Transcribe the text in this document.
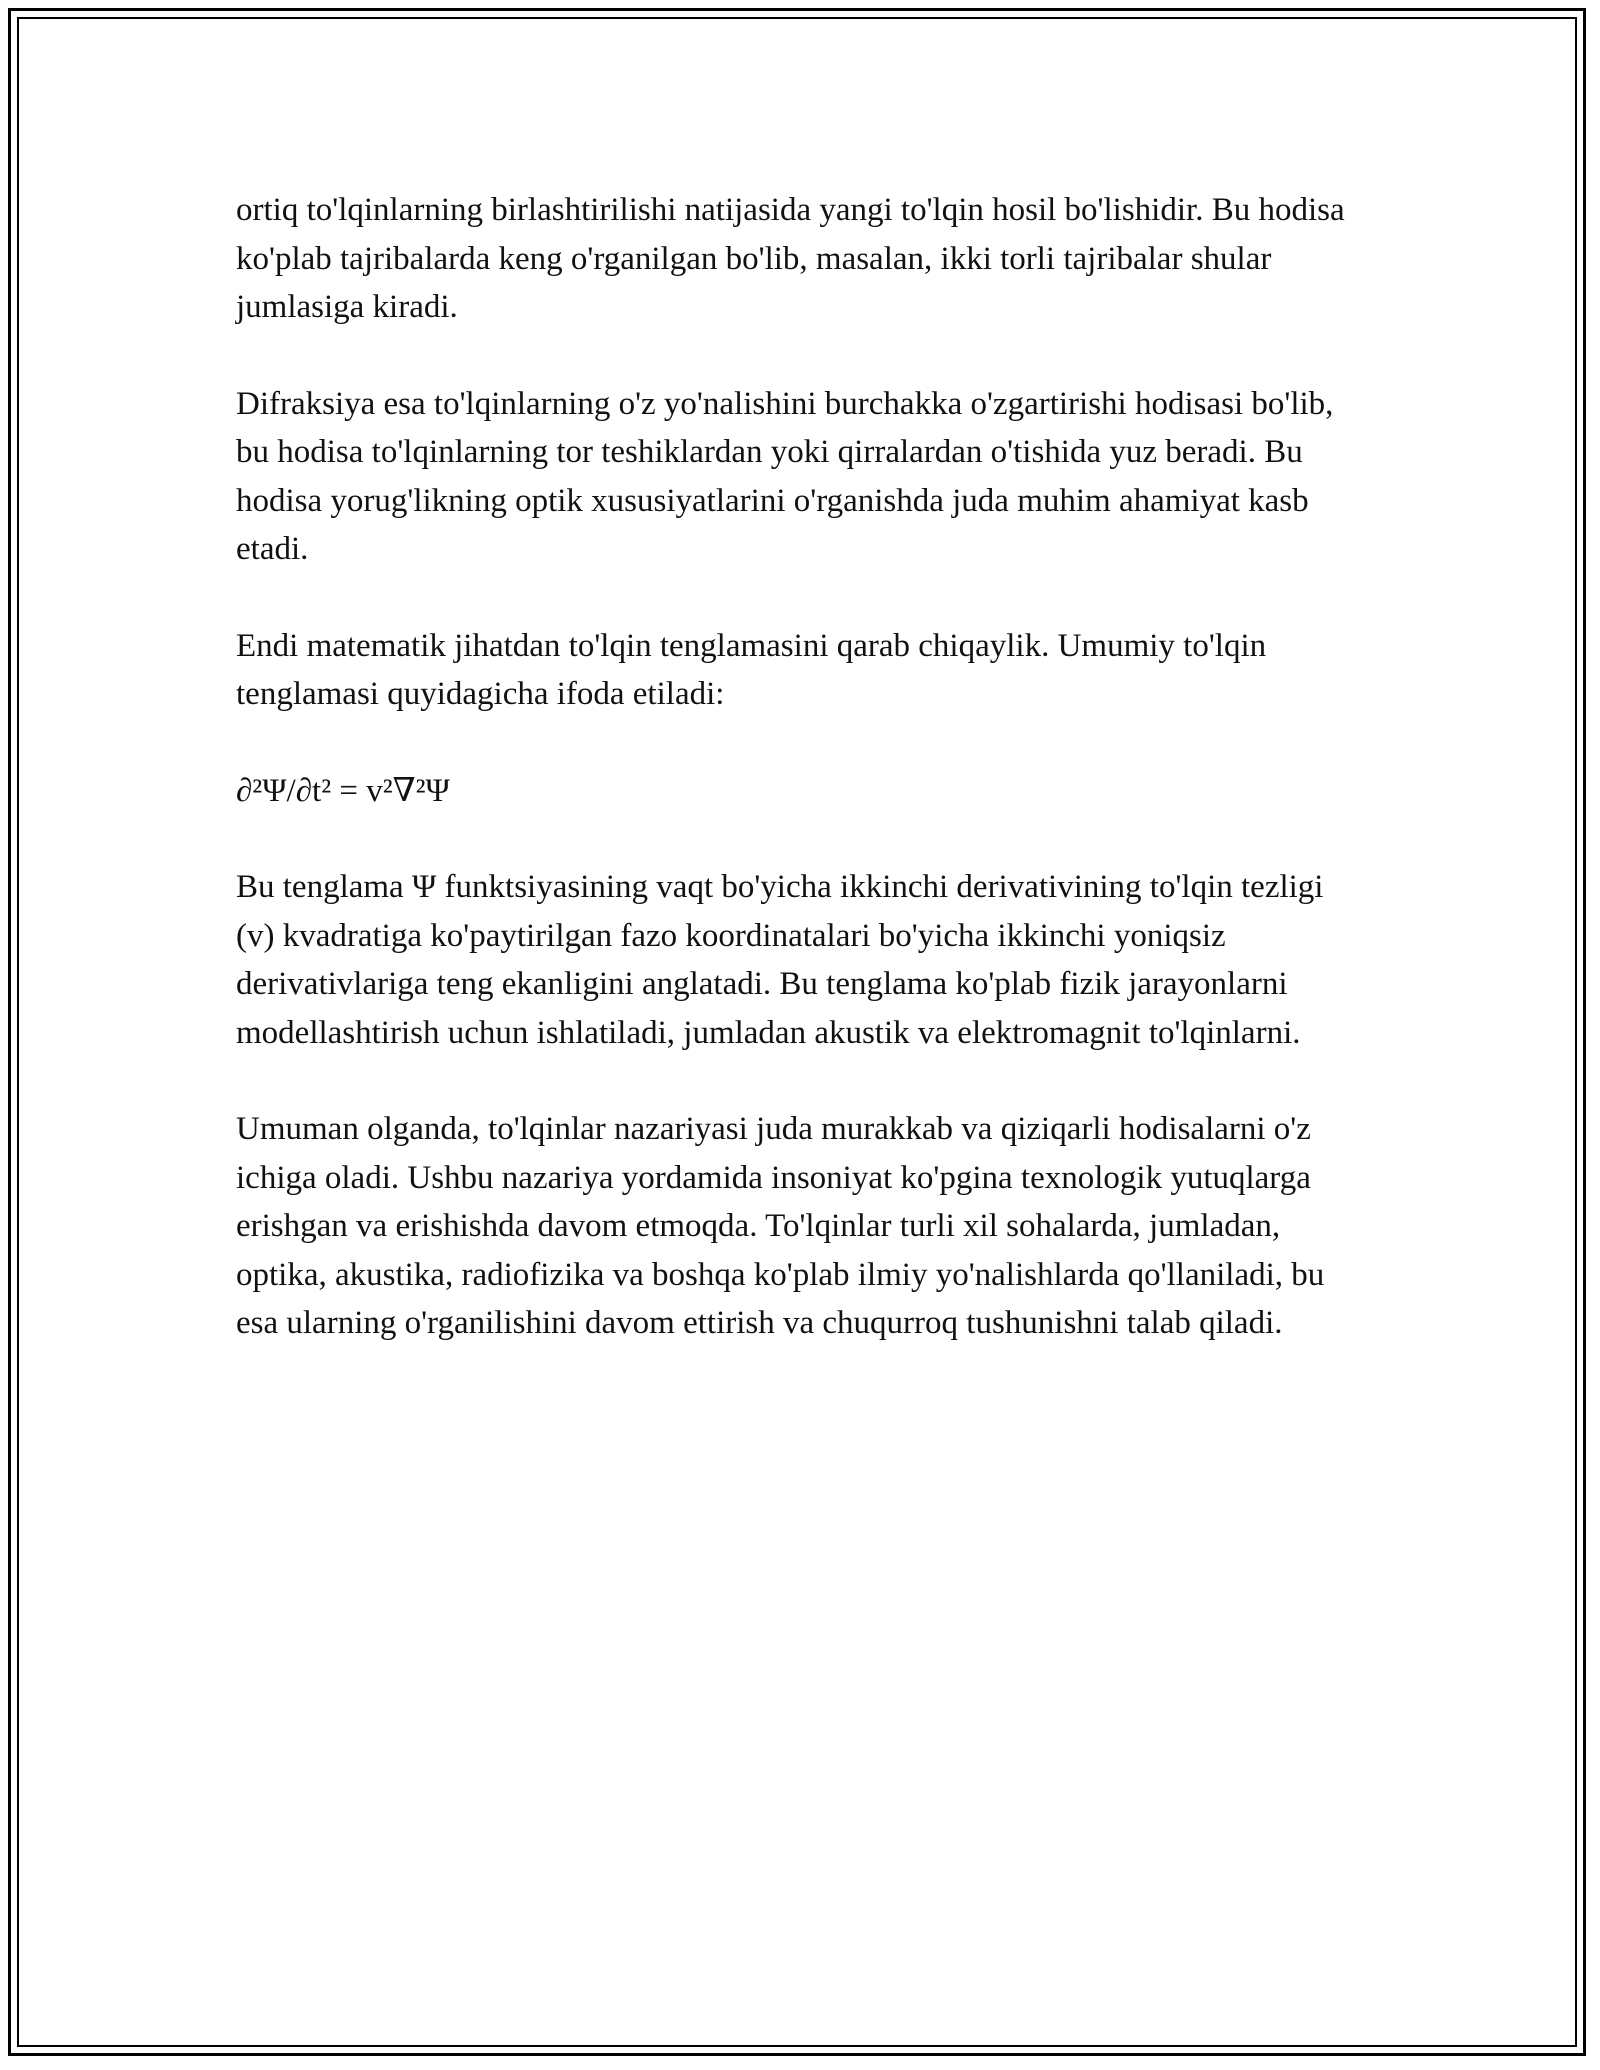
ortiq to'lqinlarning birlashtirilishi natijasida yangi to'lqin hosil bo'lishidir. Bu hodisa ko'plab tajribalarda keng o'rganilgan bo'lib, masalan, ikki torli tajribalar shular jumlasiga kiradi.

Difraksiya esa to'lqinlarning o'z yo'nalishini burchakka o'zgartirishi hodisasi bo'lib, bu hodisa to'lqinlarning tor teshiklardan yoki qirralardan o'tishida yuz beradi. Bu hodisa yorug'likning optik xususiyatlarini o'rganishda juda muhim ahamiyat kasb etadi.

Endi matematik jihatdan to'lqin tenglamasini qarab chiqaylik. Umumiy to'lqin tenglamasi quyidagicha ifoda etiladi:

∂²Ψ/∂t² = v²∇²Ψ

Bu tenglama Ψ funktsiyasining vaqt bo'yicha ikkinchi derivativining to'lqin tezligi (v) kvadratiga ko'paytirilgan fazo koordinatalari bo'yicha ikkinchi yoniqsiz derivativlariga teng ekanligini anglatadi. Bu tenglama ko'plab fizik jarayonlarni modellashtirish uchun ishlatiladi, jumladan akustik va elektromagnit to'lqinlarni.

Umuman olganda, to'lqinlar nazariyasi juda murakkab va qiziqarli hodisalarni o'z ichiga oladi. Ushbu nazariya yordamida insoniyat ko'pgina texnologik yutuqlarga erishgan va erishishda davom etmoqda. To'lqinlar turli xil sohalarda, jumladan, optika, akustika, radiofizika va boshqa ko'plab ilmiy yo'nalishlarda qo'llaniladi, bu esa ularning o'rganilishini davom ettirish va chuqurroq tushunishni talab qiladi.
